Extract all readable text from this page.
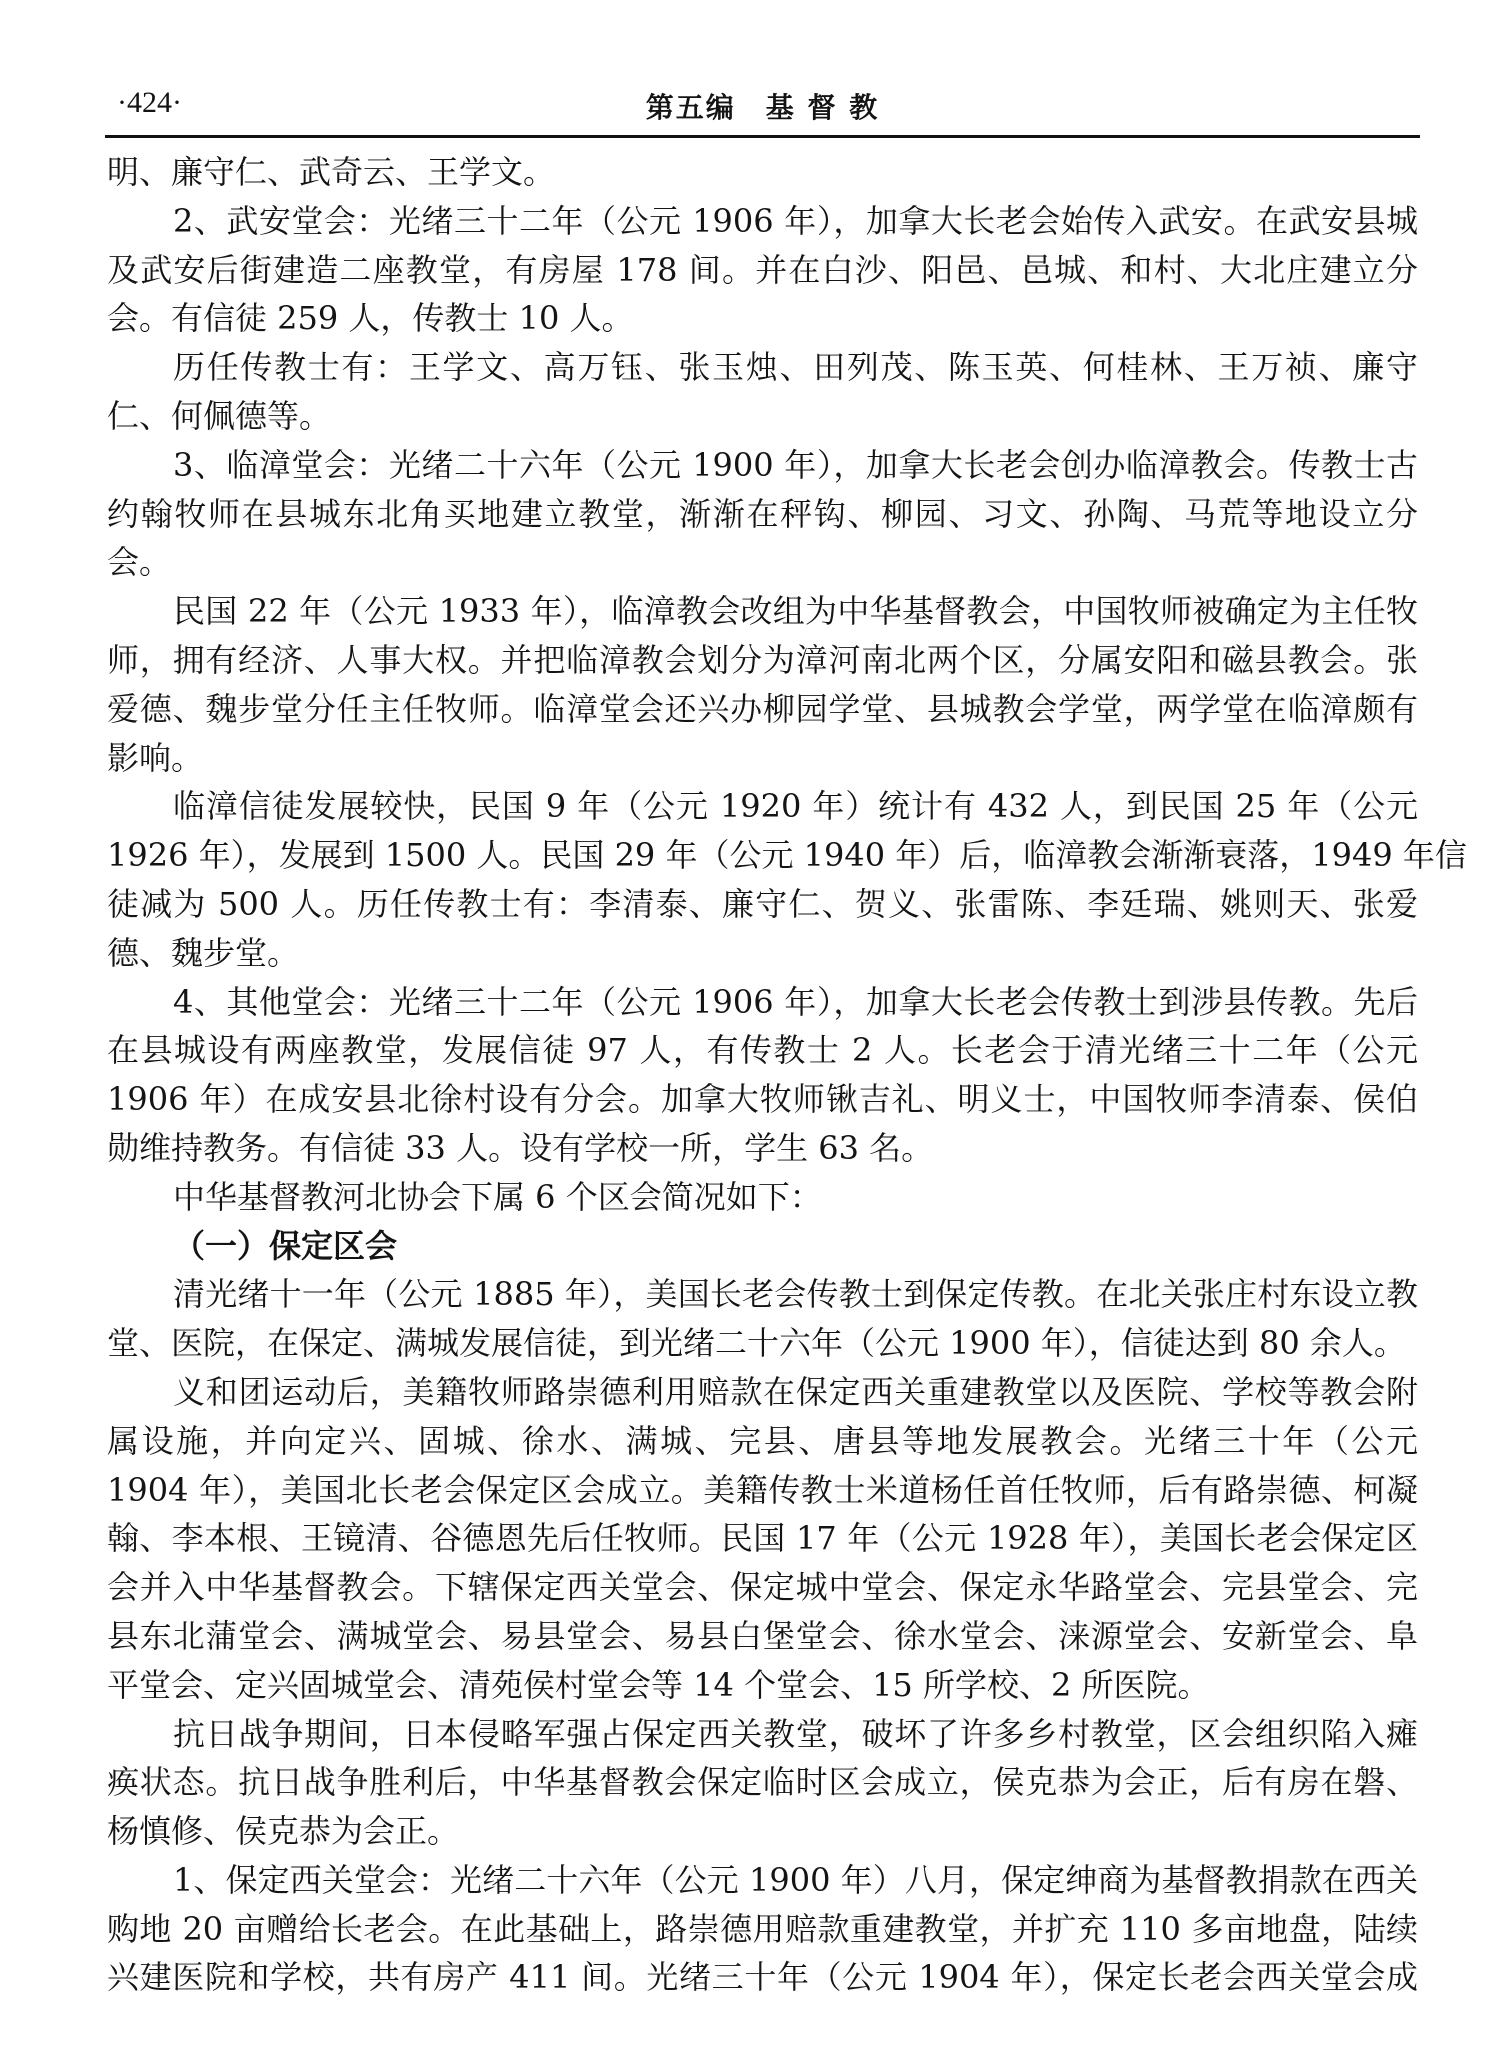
·424·	第五编　基 督 教
明、廉守仁、武奇云、王学文。
2、武安堂会：光绪三十二年（公元 1906 年），加拿大长老会始传入武安。在武安县城
及武安后街建造二座教堂，有房屋 178 间。并在白沙、阳邑、邑城、和村、大北庄建立分
会。有信徒 259 人，传教士 10 人。
历任传教士有：王学文、高万钰、张玉烛、田列茂、陈玉英、何桂林、王万祯、廉守
仁、何佩德等。
3、临漳堂会：光绪二十六年（公元 1900 年），加拿大长老会创办临漳教会。传教士古
约翰牧师在县城东北角买地建立教堂，渐渐在秤钩、柳园、习文、孙陶、马荒等地设立分
会。
民国 22 年（公元 1933 年），临漳教会改组为中华基督教会，中国牧师被确定为主任牧
师，拥有经济、人事大权。并把临漳教会划分为漳河南北两个区，分属安阳和磁县教会。张
爱德、魏步堂分任主任牧师。临漳堂会还兴办柳园学堂、县城教会学堂，两学堂在临漳颇有
影响。
临漳信徒发展较快，民国 9 年（公元 1920 年）统计有 432 人，到民国 25 年（公元
1926 年），发展到 1500 人。民国 29 年（公元 1940 年）后，临漳教会渐渐衰落，1949 年信
徒减为 500 人。历任传教士有：李清泰、廉守仁、贺义、张雷陈、李廷瑞、姚则天、张爱
德、魏步堂。
4、其他堂会：光绪三十二年（公元 1906 年），加拿大长老会传教士到涉县传教。先后
在县城设有两座教堂，发展信徒 97 人，有传教士 2 人。长老会于清光绪三十二年（公元
1906 年）在成安县北徐村设有分会。加拿大牧师锹吉礼、明义士，中国牧师李清泰、侯伯
勋维持教务。有信徒 33 人。设有学校一所，学生 63 名。
中华基督教河北协会下属 6 个区会简况如下：
（一）保定区会
清光绪十一年（公元 1885 年），美国长老会传教士到保定传教。在北关张庄村东设立教
堂、医院，在保定、满城发展信徒，到光绪二十六年（公元 1900 年），信徒达到 80 余人。
义和团运动后，美籍牧师路崇德利用赔款在保定西关重建教堂以及医院、学校等教会附
属设施，并向定兴、固城、徐水、满城、完县、唐县等地发展教会。光绪三十年（公元
1904 年），美国北长老会保定区会成立。美籍传教士米道杨任首任牧师，后有路崇德、柯凝
翰、李本根、王镜清、谷德恩先后任牧师。民国 17 年（公元 1928 年），美国长老会保定区
会并入中华基督教会。下辖保定西关堂会、保定城中堂会、保定永华路堂会、完县堂会、完
县东北蒲堂会、满城堂会、易县堂会、易县白堡堂会、徐水堂会、涞源堂会、安新堂会、阜
平堂会、定兴固城堂会、清苑侯村堂会等 14 个堂会、15 所学校、2 所医院。
抗日战争期间，日本侵略军强占保定西关教堂，破坏了许多乡村教堂，区会组织陷入瘫
痪状态。抗日战争胜利后，中华基督教会保定临时区会成立，侯克恭为会正，后有房在磐、
杨慎修、侯克恭为会正。
1、保定西关堂会：光绪二十六年（公元 1900 年）八月，保定绅商为基督教捐款在西关
购地 20 亩赠给长老会。在此基础上，路崇德用赔款重建教堂，并扩充 110 多亩地盘，陆续
兴建医院和学校，共有房产 411 间。光绪三十年（公元 1904 年），保定长老会西关堂会成
